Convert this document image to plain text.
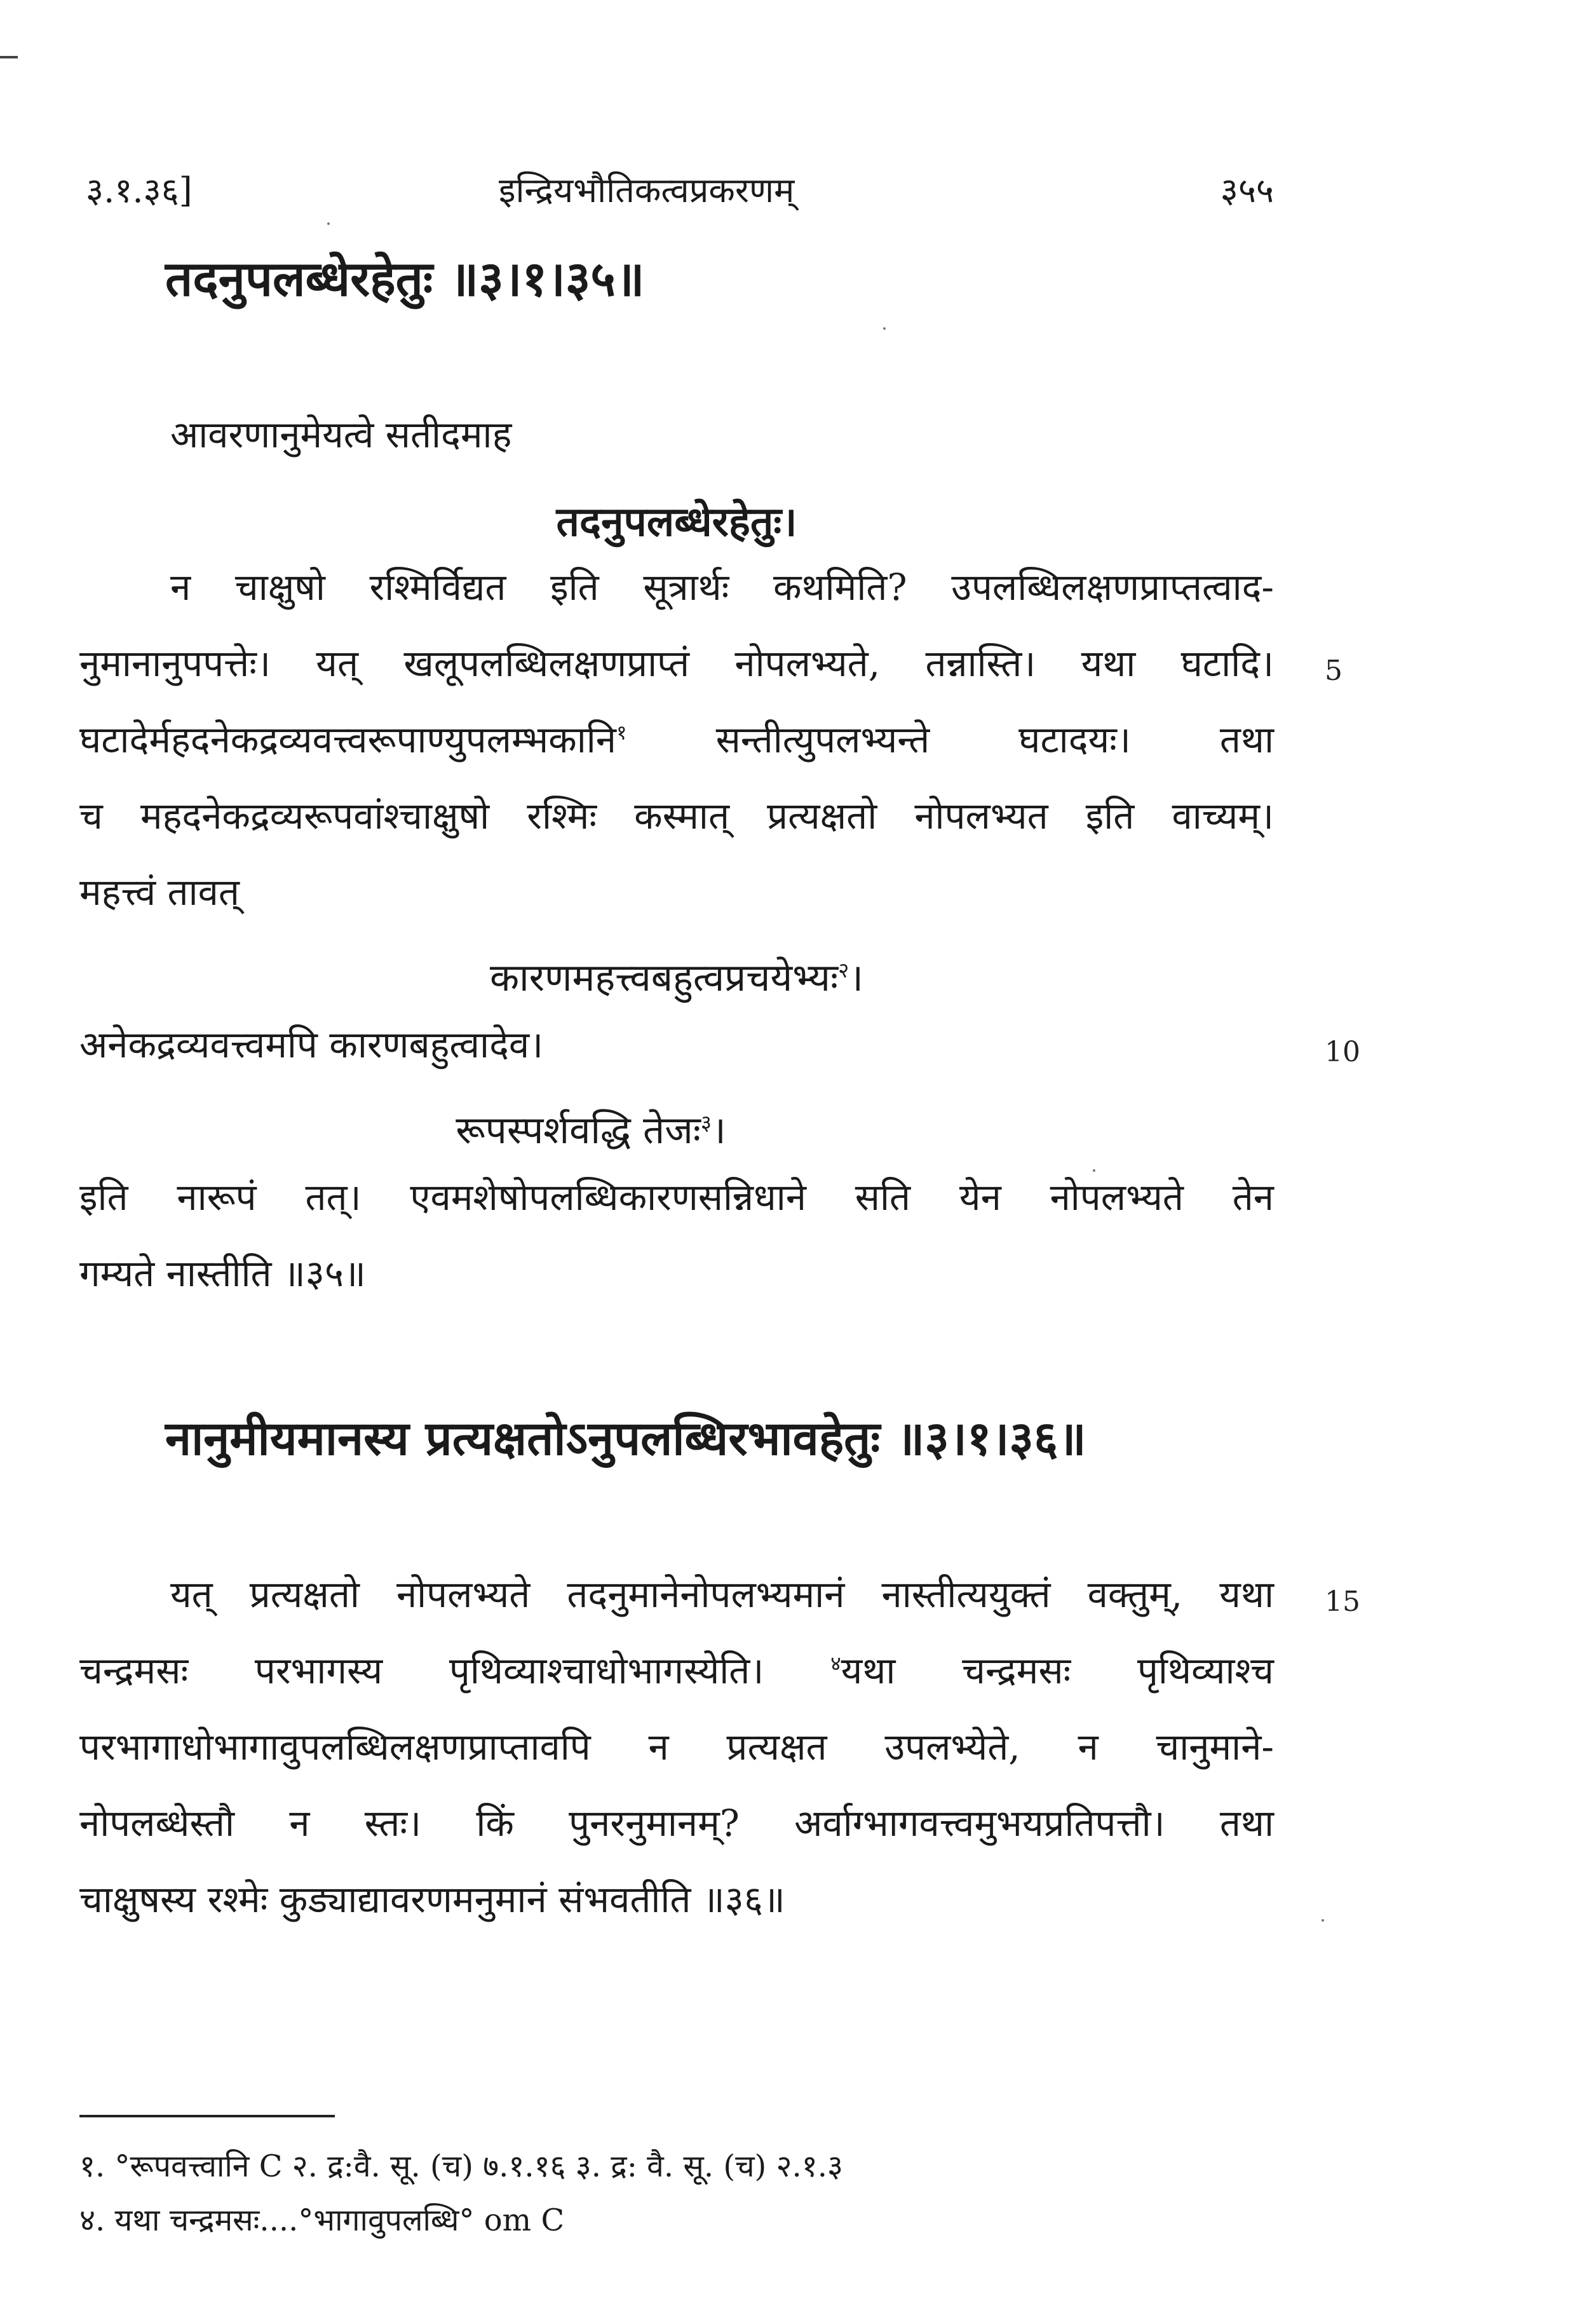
३.१.३६]	इन्द्रियभौतिकत्वप्रकरणम्	३५५
तदनुपलब्धेरहेतुः ॥३।१।३५॥
आवरणानुमेयत्वे सतीदमाह
तदनुपलब्धेरहेतुः।
न चाक्षुषो रश्मिर्विद्यत इति सूत्रार्थः कथमिति? उपलब्धिलक्षणप्राप्तत्वाद-
नुमानानुपपत्तेः। यत् खलूपलब्धिलक्षणप्राप्तं नोपलभ्यते, तन्नास्ति। यथा घटादि। 5
घटादेर्महदनेकद्रव्यवत्त्वरूपाण्युपलम्भकानि$^१$ सन्तीत्युपलभ्यन्ते घटादयः। तथा
च महदनेकद्रव्यरूपवांश्चाक्षुषो रश्मिः कस्मात् प्रत्यक्षतो नोपलभ्यत इति वाच्यम्।
महत्त्वं तावत्
कारणमहत्त्वबहुत्वप्रचयेभ्यः$^२$।
अनेकद्रव्यवत्त्वमपि कारणबहुत्वादेव।	10
रूपस्पर्शवद्धि तेजः$^३$।
इति नारूपं तत्। एवमशेषोपलब्धिकारणसन्निधाने सति येन नोपलभ्यते तेन
गम्यते नास्तीति ॥३५॥
नानुमीयमानस्य प्रत्यक्षतोऽनुपलब्धिरभावहेतुः ॥३।१।३६॥
यत् प्रत्यक्षतो नोपलभ्यते तदनुमानेनोपलभ्यमानं नास्तीत्ययुक्तं वक्तुम्, यथा 15
चन्द्रमसः परभागस्य पृथिव्याश्चाधोभागस्येति।	$^४$यथा चन्द्रमसः पृथिव्याश्च
परभागाधोभागावुपलब्धिलक्षणप्राप्तावपि न प्रत्यक्षत उपलभ्येते, न चानुमाने-
नोपलब्धेस्तौ न स्तः। किं पुनरनुमानम्? अर्वाग्भागवत्त्वमुभयप्रतिपत्तौ। तथा
चाक्षुषस्य रश्मेः कुड्याद्यावरणमनुमानं संभवतीति ॥३६॥
१. °रूपवत्त्वानि C २. द्र:वै. सू. (च) ७.१.१६ ३. द्र: वै. सू. (च) २.१.३
४. यथा चन्द्रमसः....°भागावुपलब्धि° om C
